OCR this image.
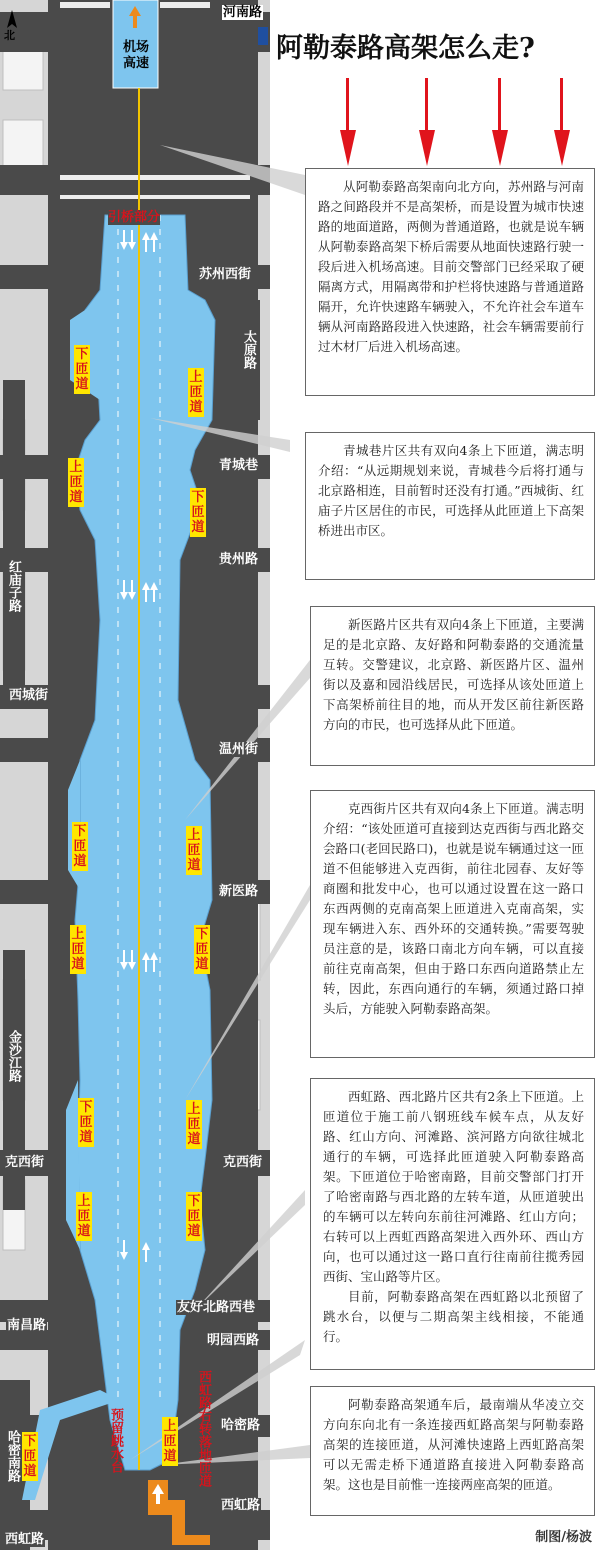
北	阿勒泰路高架怎么走?
机场高速
引桥部分
河南路
苏州西街
太原路
青城巷
贵州路
红庙子路
西城街
温州街
新医路
金沙江路
克西街	克西街
友好北路西巷
明园西路
南昌路
哈密南路
哈密路
西虹路
西虹路
下匝道	上匝道
上匝道	下匝道
下匝道
上匝道
上匝道
下匝道
下匝道
上匝道
上匝道
下匝道
下匝道
上匝道
预留跳水台	西虹路右转落地匝道

从阿勒泰路高架南向北方向，苏州路与河南路之间路段并不是高架桥，而是设置为城市快速路的地面道路，两侧为普通道路，也就是说车辆从阿勒泰路高架下桥后需要从地面快速路行驶一段后进入机场高速。目前交警部门已经采取了硬隔离方式，用隔离带和护栏将快速路与普通道路隔开，允许快速路车辆驶入，不允许社会车道车辆从河南路路段进入快速路，社会车辆需要前行过木材厂后进入机场高速。

青城巷片区共有双向4条上下匝道，满志明介绍：“从远期规划来说，青城巷今后将打通与北京路相连，目前暂时还没有打通。”西城街、红庙子片区居住的市民，可选择从此匝道上下高架桥进出市区。

新医路片区共有双向4条上下匝道，主要满足的是北京路、友好路和阿勒泰路的交通流量互转。交警建议，北京路、新医路片区、温州街以及嘉和园沿线居民，可选择从该处匝道上下高架桥前往目的地，而从开发区前往新医路方向的市民，也可选择从此下匝道。

克西街片区共有双向4条上下匝道。满志明介绍：“该处匝道可直接到达克西街与西北路交会路口(老回民路口)，也就是说车辆通过这一匝道不但能够进入克西街，前往北园春、友好等商圈和批发中心，也可以通过设置在这一路口东西两侧的克南高架上匝道进入克南高架，实现车辆进入东、西外环的交通转换。”需要驾驶员注意的是，该路口南北方向车辆，可以直接前往克南高架，但由于路口东西向道路禁止左转，因此，东西向通行的车辆，须通过路口掉头后，方能驶入阿勒泰路高架。

西虹路、西北路片区共有2条上下匝道。上匝道位于施工前八钢班线车候车点，从友好路、红山方向、河滩路、滨河路方向欲往城北通行的车辆，可选择此匝道驶入阿勒泰路高架。下匝道位于哈密南路，目前交警部门打开了哈密南路与西北路的左转车道，从匝道驶出的车辆可以左转向东前往河滩路、红山方向；右转可以上西虹西路高架进入西外环、西山方向，也可以通过这一路口直行往南前往揽秀园西街、宝山路等片区。

目前，阿勒泰路高架在西虹路以北预留了跳水台，以便与二期高架主线相接，不能通行。

阿勒泰路高架通车后，最南端从华凌立交方向东向北有一条连接西虹路高架与阿勒泰路高架的连接匝道，从河滩快速路上西虹路高架可以无需走桥下通道路直接进入阿勒泰路高架。这也是目前惟一连接两座高架的匝道。

制图/杨波
